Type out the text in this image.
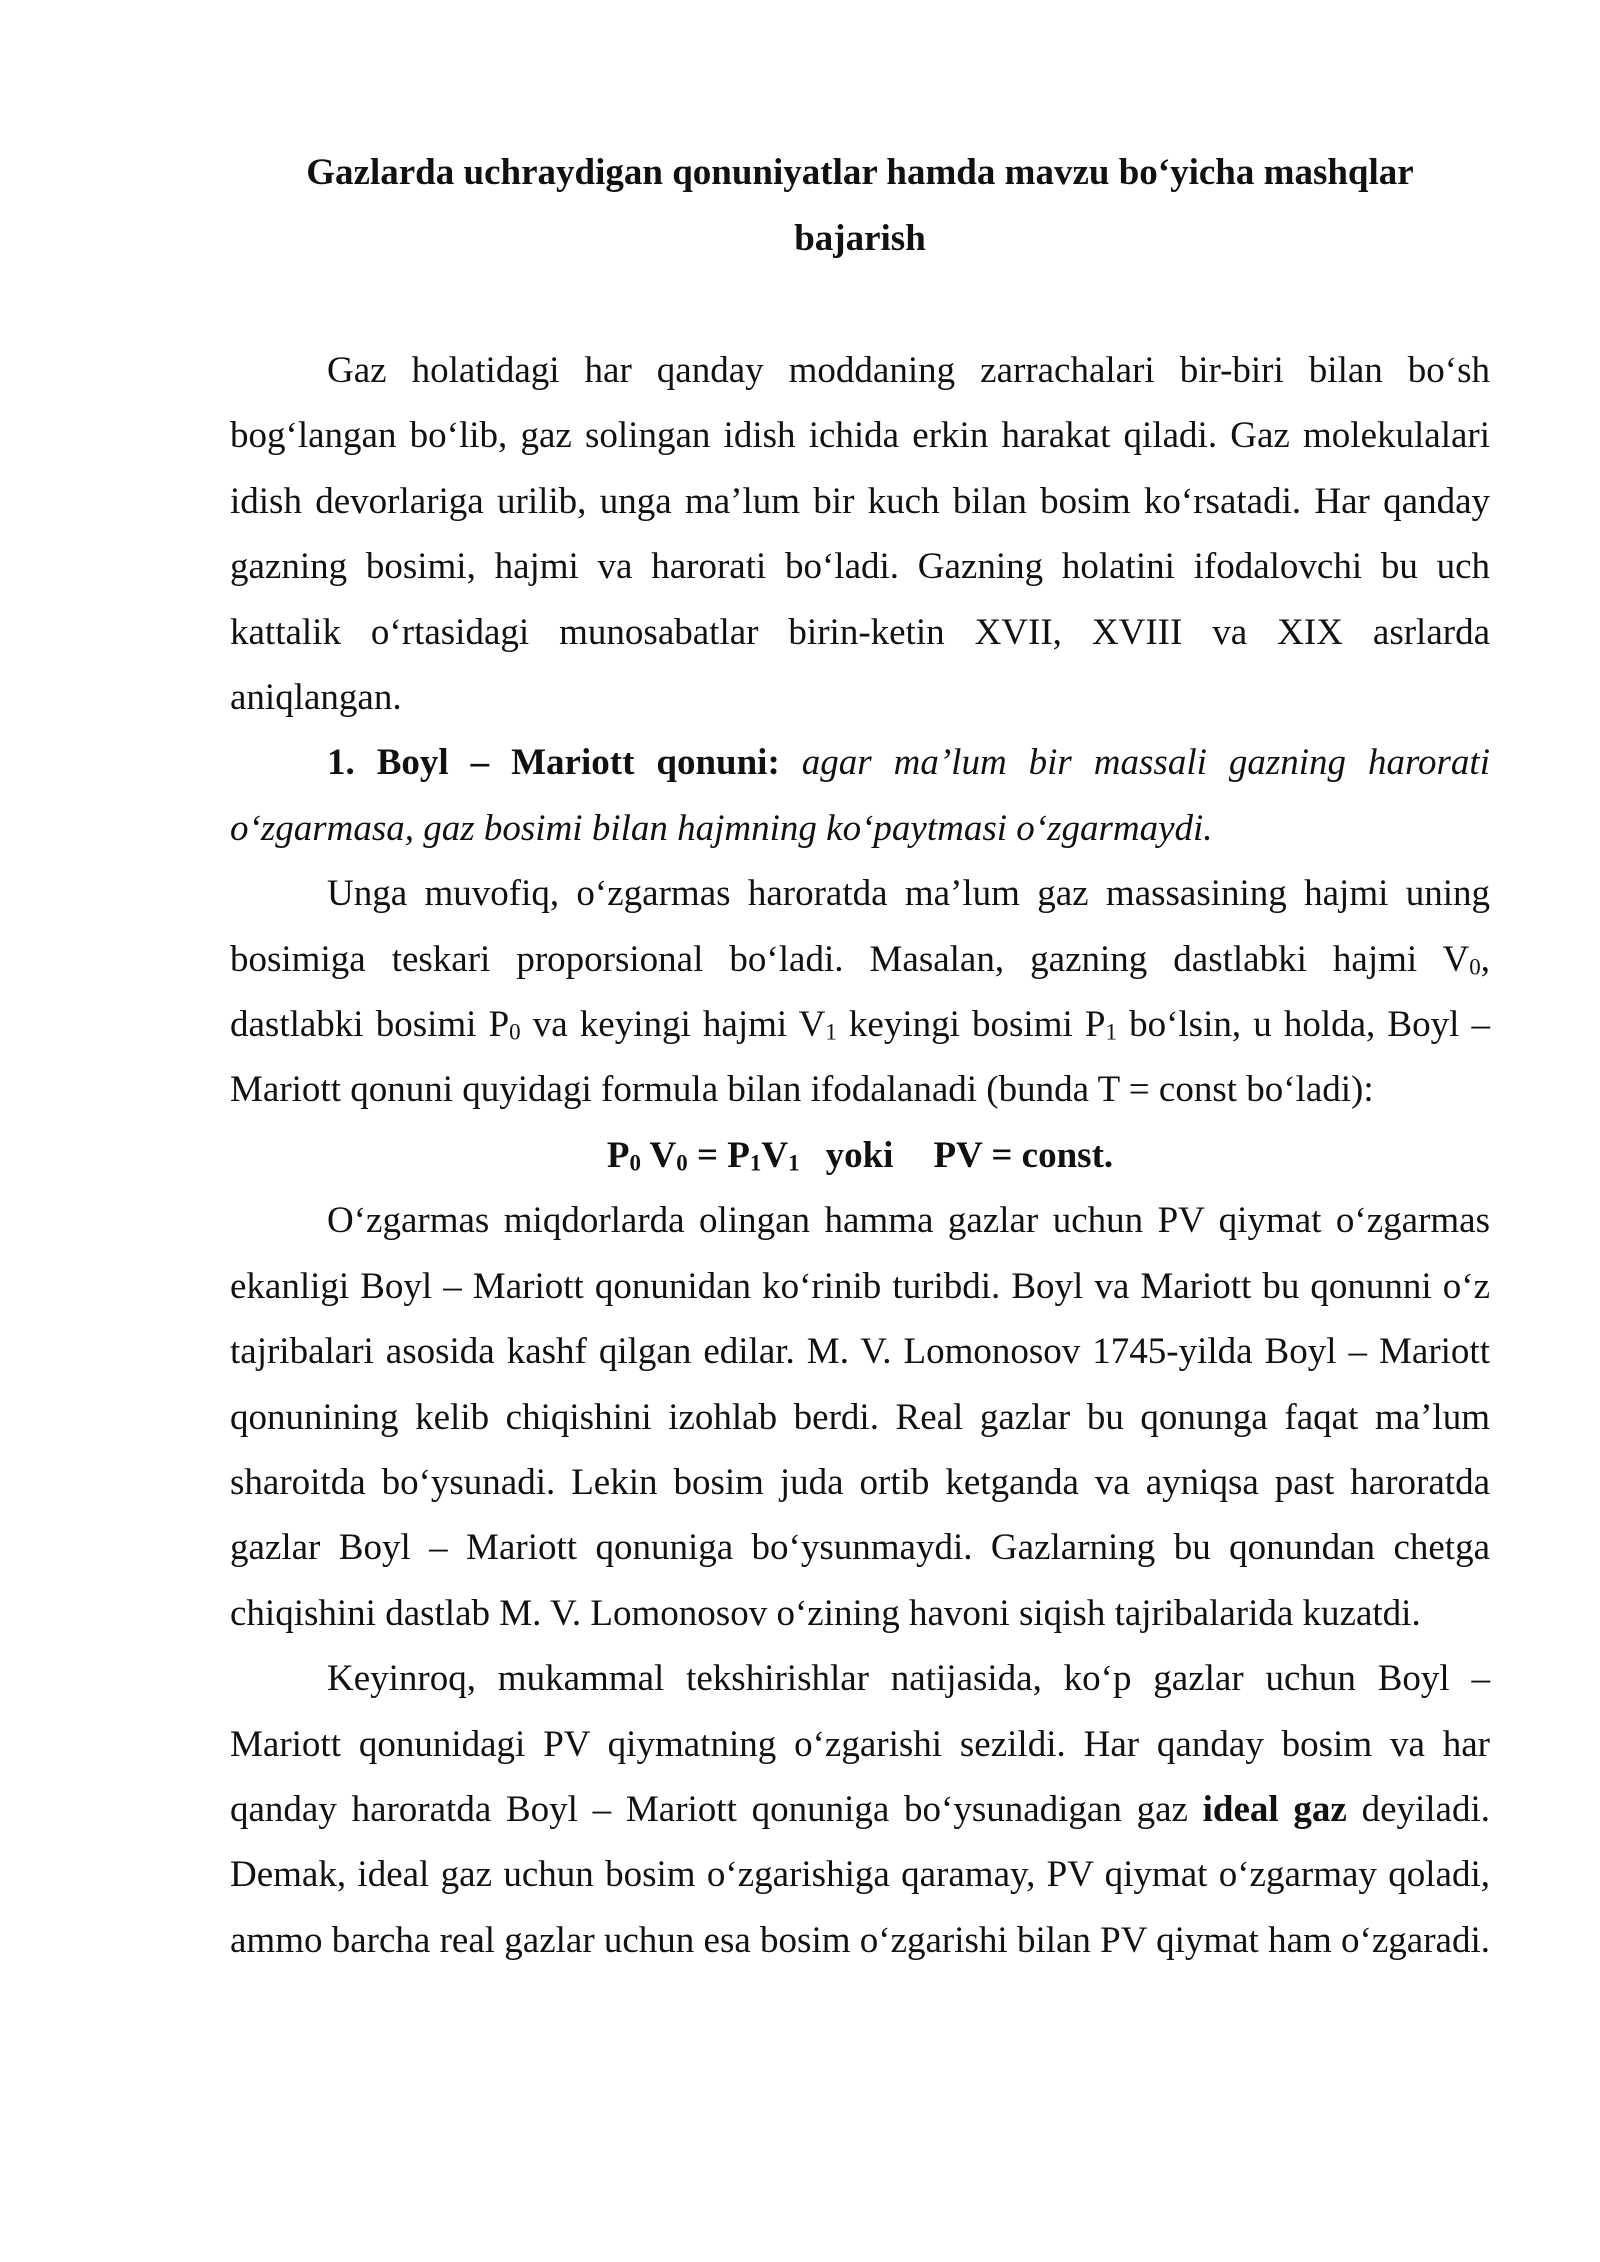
Gazlarda uchraydigan qonuniyatlar hamda mavzu bo‘yicha mashqlar
bajarish

Gaz holatidagi har qanday moddaning zarrachalari bir-biri bilan bo‘sh bog‘langan bo‘lib, gaz solingan idish ichida erkin harakat qiladi. Gaz molekulalari idish devorlariga urilib, unga ma’lum bir kuch bilan bosim ko‘rsatadi. Har qanday gazning bosimi, hajmi va harorati bo‘ladi. Gazning holatini ifodalovchi bu uch kattalik o‘rtasidagi munosabatlar birin-ketin XVII, XVIII va XIX asrlarda aniqlangan.

1. Boyl – Mariott qonuni: agar ma’lum bir massali gazning harorati o‘zgarmasa, gaz bosimi bilan hajmning ko‘paytmasi o‘zgarmaydi.

Unga muvofiq, o‘zgarmas haroratda ma’lum gaz massasining hajmi uning bosimiga teskari proporsional bo‘ladi. Masalan, gazning dastlabki hajmi $V_0$, dastlabki bosimi $P_0$ va keyingi hajmi $V_1$ keyingi bosimi $P_1$ bo‘lsin, u holda, Boyl – Mariott qonuni quyidagi formula bilan ifodalanadi (bunda T = const bo‘ladi):

$P_0$ $V_0 = P_1V_1$ yoki PV = const.

O‘zgarmas miqdorlarda olingan hamma gazlar uchun PV qiymat o‘zgarmas ekanligi Boyl – Mariott qonunidan ko‘rinib turibdi. Boyl va Mariott bu qonunni o‘z tajribalari asosida kashf qilgan edilar. M. V. Lomonosov 1745-yilda Boyl – Mariott qonunining kelib chiqishini izohlab berdi. Real gazlar bu qonunga faqat ma’lum sharoitda bo‘ysunadi. Lekin bosim juda ortib ketganda va ayniqsa past haroratda gazlar Boyl – Mariott qonuniga bo‘ysunmaydi. Gazlarning bu qonundan chetga chiqishini dastlab M. V. Lomonosov o‘zining havoni siqish tajribalarida kuzatdi.

Keyinroq, mukammal tekshirishlar natijasida, ko‘p gazlar uchun Boyl – Mariott qonunidagi PV qiymatning o‘zgarishi sezildi. Har qanday bosim va har qanday haroratda Boyl – Mariott qonuniga bo‘ysunadigan gaz ideal gaz deyiladi. Demak, ideal gaz uchun bosim o‘zgarishiga qaramay, PV qiymat o‘zgarmay qoladi, ammo barcha real gazlar uchun esa bosim o‘zgarishi bilan PV qiymat ham o‘zgaradi.
